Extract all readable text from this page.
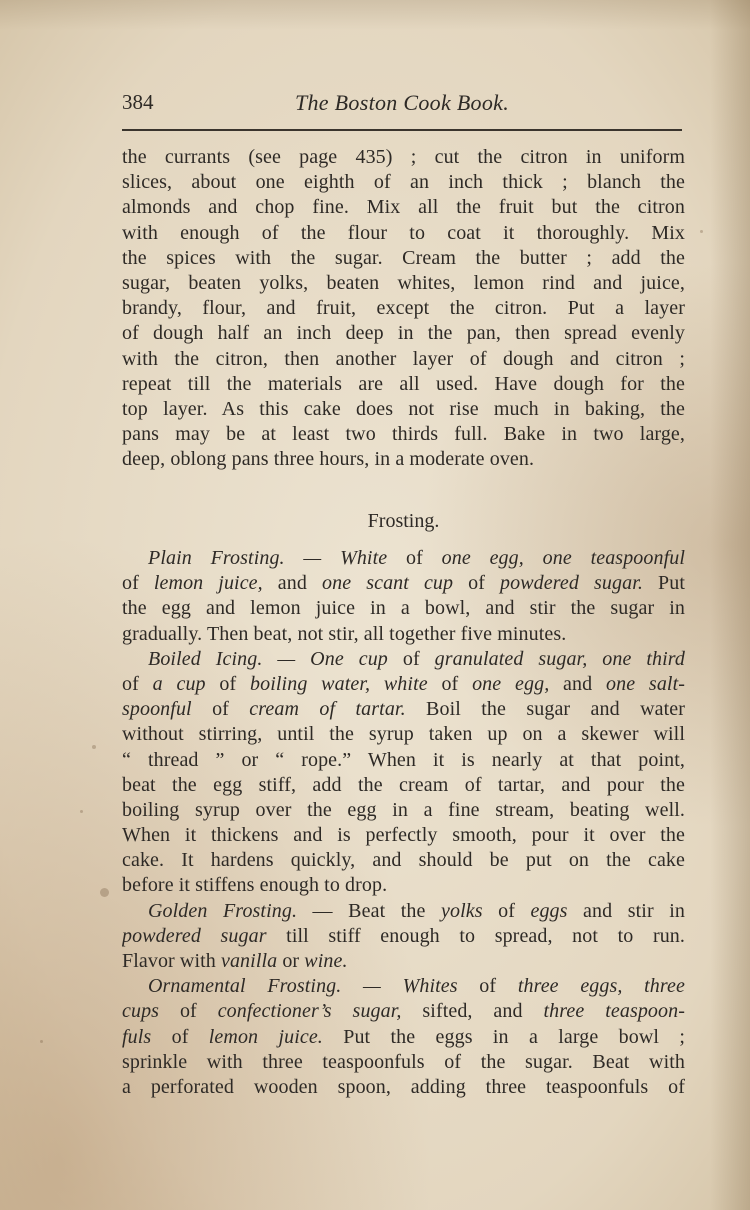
384	The Boston Cook Book.
the currants (see page 435) ; cut the citron in uniform
slices, about one eighth of an inch thick ; blanch the
almonds and chop fine. Mix all the fruit but the citron
with enough of the flour to coat it thoroughly. Mix
the spices with the sugar. Cream the butter ; add the
sugar, beaten yolks, beaten whites, lemon rind and juice,
brandy, flour, and fruit, except the citron. Put a layer
of dough half an inch deep in the pan, then spread evenly
with the citron, then another layer of dough and citron ;
repeat till the materials are all used. Have dough for the
top layer. As this cake does not rise much in baking, the
pans may be at least two thirds full. Bake in two large,
deep, oblong pans three hours, in a moderate oven.
Frosting.
Plain Frosting. — White of one egg, one teaspoonful
of lemon juice, and one scant cup of powdered sugar. Put
the egg and lemon juice in a bowl, and stir the sugar in
gradually. Then beat, not stir, all together five minutes.
Boiled Icing. — One cup of granulated sugar, one third
of a cup of boiling water, white of one egg, and one salt-
spoonful of cream of tartar. Boil the sugar and water
without stirring, until the syrup taken up on a skewer will
“ thread ” or “ rope.” When it is nearly at that point,
beat the egg stiff, add the cream of tartar, and pour the
boiling syrup over the egg in a fine stream, beating well.
When it thickens and is perfectly smooth, pour it over the
cake. It hardens quickly, and should be put on the cake
before it stiffens enough to drop.
Golden Frosting. — Beat the yolks of eggs and stir in
powdered sugar till stiff enough to spread, not to run.
Flavor with vanilla or wine.
Ornamental Frosting. — Whites of three eggs, three
cups of confectioner’s sugar, sifted, and three teaspoon-
fuls of lemon juice. Put the eggs in a large bowl ;
sprinkle with three teaspoonfuls of the sugar. Beat with
a perforated wooden spoon, adding three teaspoonfuls of
